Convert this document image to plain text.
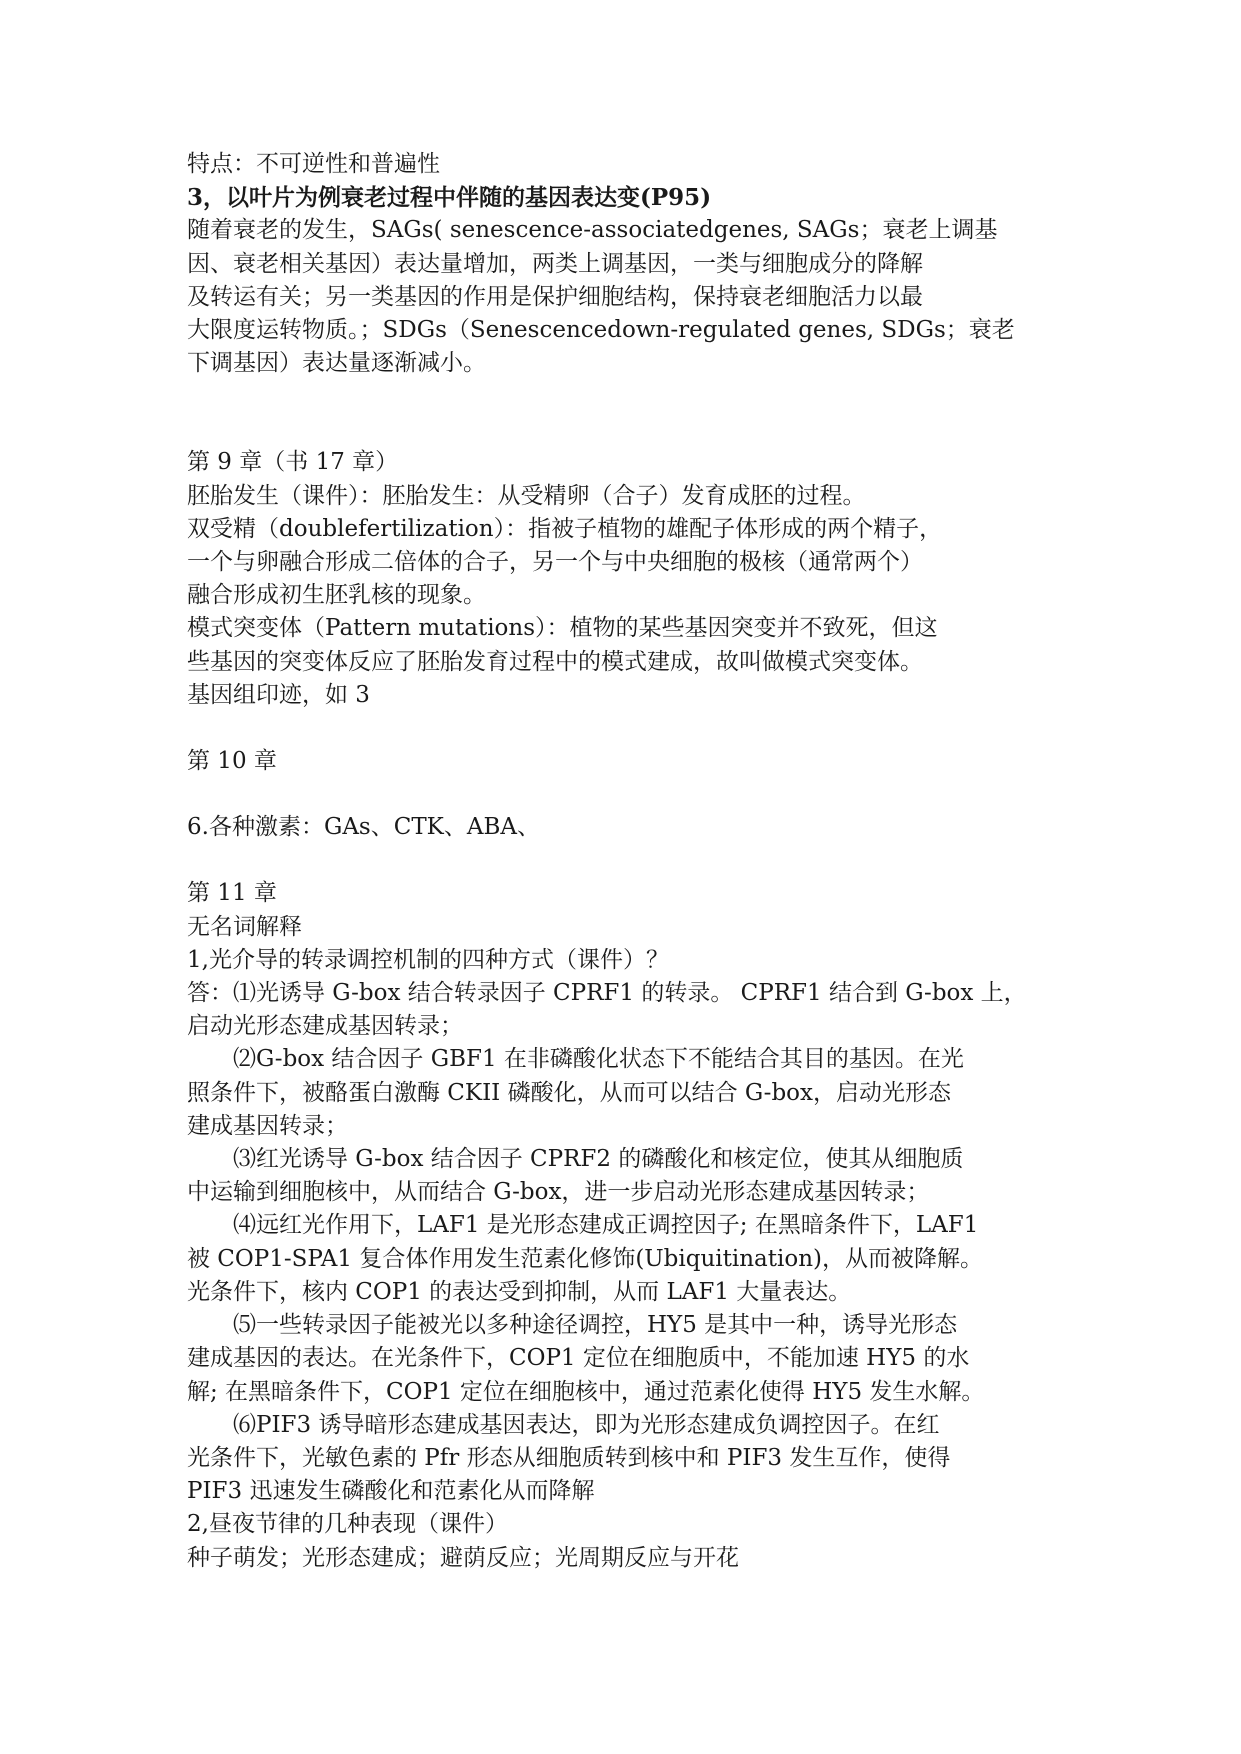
特点：不可逆性和普遍性
3，以叶片为例衰老过程中伴随的基因表达变(P95)
随着衰老的发生，SAGs( senescence-associatedgenes, SAGs；衰老上调基
因、衰老相关基因）表达量增加，两类上调基因，一类与细胞成分的降解
及转运有关；另一类基因的作用是保护细胞结构，保持衰老细胞活力以最
大限度运转物质。；SDGs（Senescencedown-regulated genes, SDGs；衰老
下调基因）表达量逐渐减小。
第 9 章（书 17 章）
胚胎发生（课件）：胚胎发生：从受精卵（合子）发育成胚的过程。
双受精（doublefertilization）：指被子植物的雄配子体形成的两个精子，
一个与卵融合形成二倍体的合子，另一个与中央细胞的极核（通常两个）
融合形成初生胚乳核的现象。
模式突变体（Pattern mutations）：植物的某些基因突变并不致死，但这
些基因的突变体反应了胚胎发育过程中的模式建成，故叫做模式突变体。
基因组印迹，如 3
第 10 章
6.各种激素：GAs、CTK、ABA、
第 11 章
无名词解释
1,光介导的转录调控机制的四种方式（课件）？
答：⑴光诱导 G-box 结合转录因子 CPRF1 的转录。 CPRF1 结合到 G-box 上，
启动光形态建成基因转录；
⑵G-box 结合因子 GBF1 在非磷酸化状态下不能结合其目的基因。在光
照条件下，被酪蛋白激酶 CKII 磷酸化，从而可以结合 G-box，启动光形态
建成基因转录；
⑶红光诱导 G-box 结合因子 CPRF2 的磷酸化和核定位，使其从细胞质
中运输到细胞核中，从而结合 G-box，进一步启动光形态建成基因转录；
⑷远红光作用下，LAF1 是光形态建成正调控因子; 在黑暗条件下，LAF1
被 COP1-SPA1 复合体作用发生范素化修饰(Ubiquitination)，从而被降解。
光条件下，核内 COP1 的表达受到抑制，从而 LAF1 大量表达。
⑸一些转录因子能被光以多种途径调控，HY5 是其中一种，诱导光形态
建成基因的表达。在光条件下，COP1 定位在细胞质中，不能加速 HY5 的水
解; 在黑暗条件下，COP1 定位在细胞核中，通过范素化使得 HY5 发生水解。
⑹PIF3 诱导暗形态建成基因表达，即为光形态建成负调控因子。在红
光条件下，光敏色素的 Pfr 形态从细胞质转到核中和 PIF3 发生互作，使得
PIF3 迅速发生磷酸化和范素化从而降解
2,昼夜节律的几种表现（课件）
种子萌发；光形态建成；避荫反应；光周期反应与开花
